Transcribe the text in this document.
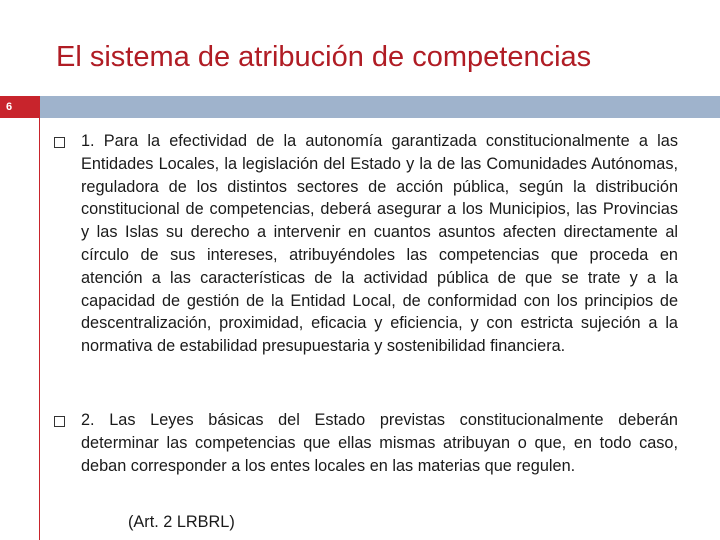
El sistema de atribución de competencias
6
1. Para la efectividad de la autonomía garantizada constitucionalmente a las Entidades Locales, la legislación del Estado y la de las Comunidades Autónomas, reguladora de los distintos sectores de acción pública, según la distribución constitucional de competencias, deberá asegurar a los Municipios, las Provincias y las Islas su derecho a intervenir en cuantos asuntos afecten directamente al círculo de sus intereses, atribuyéndoles las competencias que proceda en atención a las características de la actividad pública de que se trate y a la capacidad de gestión de la Entidad Local, de conformidad con los principios de descentralización, proximidad, eficacia y eficiencia, y con estricta sujeción a la normativa de estabilidad presupuestaria y sostenibilidad financiera.
2. Las Leyes básicas del Estado previstas constitucionalmente deberán determinar las competencias que ellas mismas atribuyan o que, en todo caso, deban corresponder a los entes locales en las materias que regulen.
(Art. 2 LRBRL)
